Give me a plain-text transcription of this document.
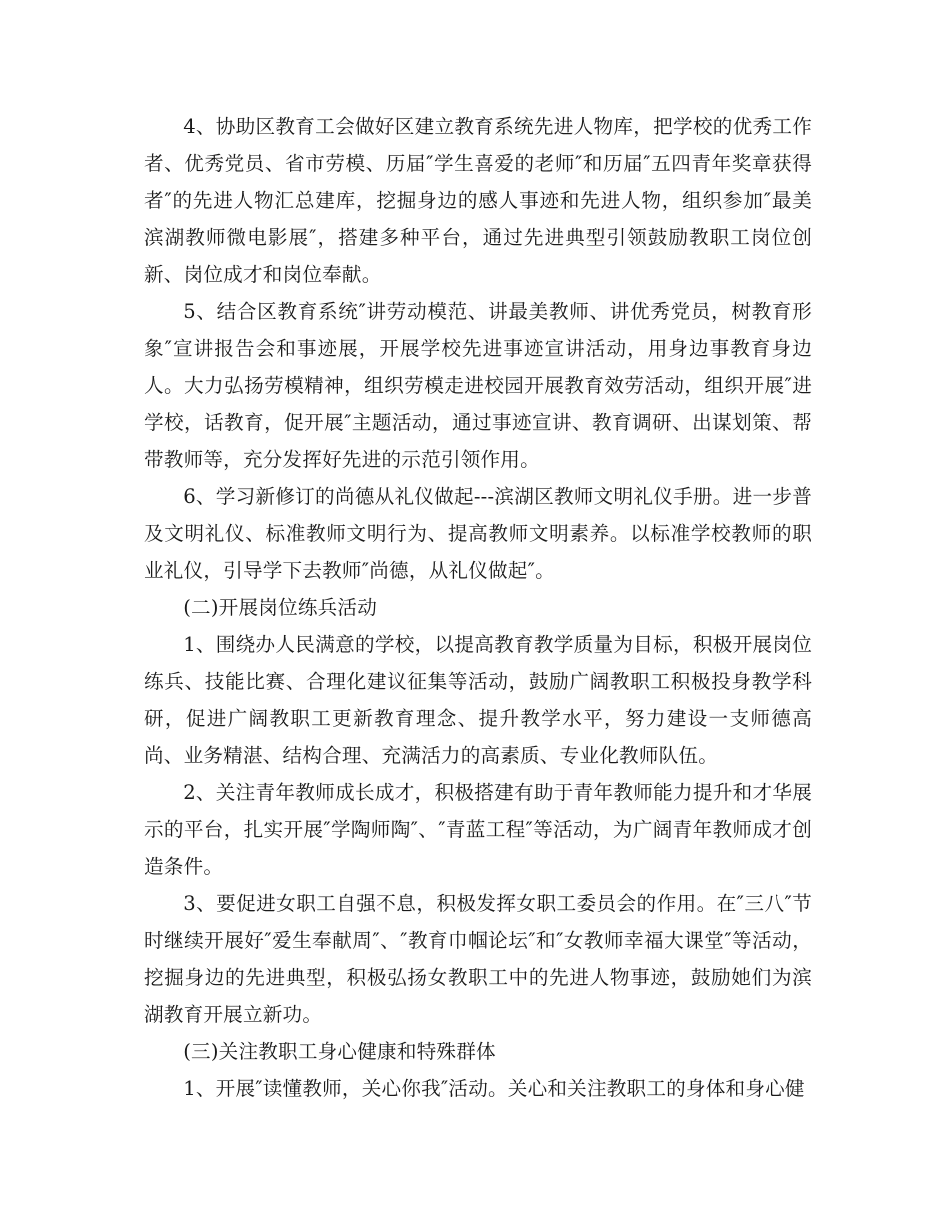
4、协助区教育工会做好区建立教育系统先进人物库，把学校的优秀工作者、优秀党员、省市劳模、历届″学生喜爱的老师″和历届″五四青年奖章获得者″的先进人物汇总建库，挖掘身边的感人事迹和先进人物，组织参加″最美滨湖教师微电影展″，搭建多种平台，通过先进典型引领鼓励教职工岗位创新、岗位成才和岗位奉献。

5、结合区教育系统″讲劳动模范、讲最美教师、讲优秀党员，树教育形象″宣讲报告会和事迹展，开展学校先进事迹宣讲活动，用身边事教育身边人。大力弘扬劳模精神，组织劳模走进校园开展教育效劳活动，组织开展″进学校，话教育，促开展″主题活动，通过事迹宣讲、教育调研、出谋划策、帮带教师等，充分发挥好先进的示范引领作用。

6、学习新修订的尚德从礼仪做起---滨湖区教师文明礼仪手册。进一步普及文明礼仪、标准教师文明行为、提高教师文明素养。以标准学校教师的职业礼仪，引导学下去教师″尚德，从礼仪做起″。

(二)开展岗位练兵活动

1、围绕办人民满意的学校，以提高教育教学质量为目标，积极开展岗位练兵、技能比赛、合理化建议征集等活动，鼓励广阔教职工积极投身教学科研，促进广阔教职工更新教育理念、提升教学水平，努力建设一支师德高尚、业务精湛、结构合理、充满活力的高素质、专业化教师队伍。

2、关注青年教师成长成才，积极搭建有助于青年教师能力提升和才华展示的平台，扎实开展″学陶师陶″、″青蓝工程″等活动，为广阔青年教师成才创造条件。

3、要促进女职工自强不息，积极发挥女职工委员会的作用。在″三八″节时继续开展好″爱生奉献周″、″教育巾帼论坛″和″女教师幸福大课堂″等活动，挖掘身边的先进典型，积极弘扬女教职工中的先进人物事迹，鼓励她们为滨湖教育开展立新功。

(三)关注教职工身心健康和特殊群体

1、开展″读懂教师，关心你我″活动。关心和关注教职工的身体和身心健
